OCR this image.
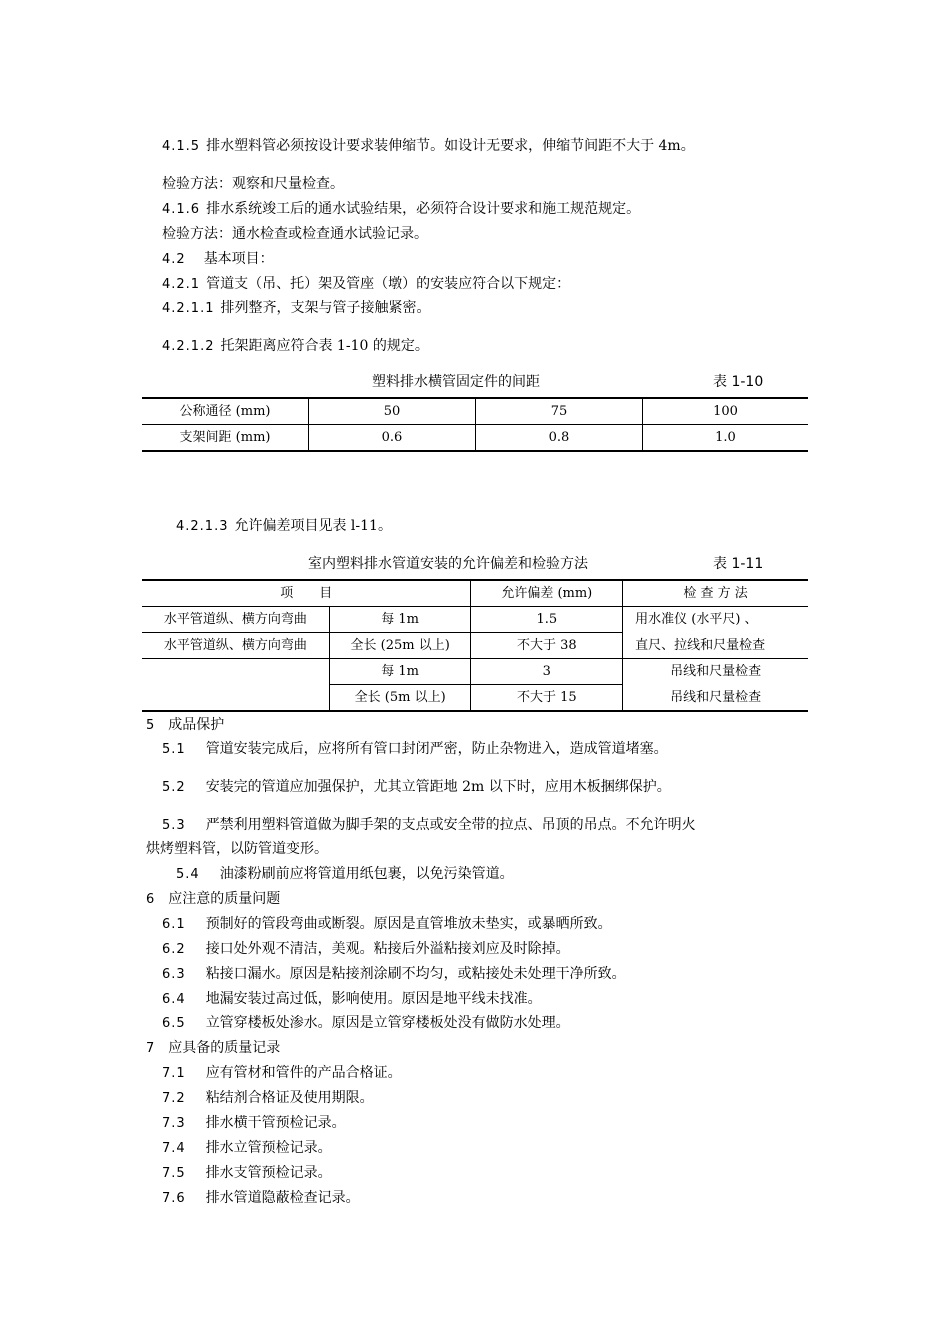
4.1.5 排水塑料管必须按设计要求装伸缩节。如设计无要求，伸缩节间距不大于 4m。
检验方法：观察和尺量检查。
4.1.6 排水系统竣工后的通水试验结果，必须符合设计要求和施工规范规定。
检验方法：通水检查或检查通水试验记录。
4.2 基本项目：
4.2.1 管道支（吊、托）架及管座（墩）的安装应符合以下规定：
4.2.1.1 排列整齐，支架与管子接触紧密。
4.2.1.2 托架距离应符合表 1-10 的规定。
塑料排水横管固定件的间距	表 1-10
公称通径 (mm)	50	75	100
支架间距 (mm)	0.6	0.8	1.0
4.2.1.3 允许偏差项目见表 l-11。
室内塑料排水管道安装的允许偏差和检验方法	表 1-11
项　　目		允许偏差 (mm)	检 查 方 法
水平管道纵、横方向弯曲	每 1m	1.5	用水准仪 (水平尺) 、
水平管道纵、横方向弯曲	全长 (25m 以上)	不大于 38	直尺、拉线和尺量检查
	每 1m	3	吊线和尺量检查
	全长 (5m 以上)	不大于 15	吊线和尺量检查
5 成品保护
5.1 管道安装完成后，应将所有管口封闭严密，防止杂物进入，造成管道堵塞。
5.2 安装完的管道应加强保护，尤其立管距地 2m 以下时，应用木板捆绑保护。
5.3 严禁利用塑料管道做为脚手架的支点或安全带的拉点、吊顶的吊点。不允许明火
烘烤塑料管，以防管道变形。
5.4 油漆粉刷前应将管道用纸包裹，以免污染管道。
6 应注意的质量问题
6.1 预制好的管段弯曲或断裂。原因是直管堆放未垫实，或暴晒所致。
6.2 接口处外观不清洁，美观。粘接后外溢粘接刘应及时除掉。
6.3 粘接口漏水。原因是粘接剂涂刷不均匀，或粘接处未处理干净所致。
6.4 地漏安装过高过低，影响使用。原因是地平线未找准。
6.5 立管穿楼板处渗水。原因是立管穿楼板处没有做防水处理。
7 应具备的质量记录
7.1 应有管材和管件的产品合格证。
7.2 粘结剂合格证及使用期限。
7.3 排水横干管预检记录。
7.4 排水立管预检记录。
7.5 排水支管预检记录。
7.6 排水管道隐蔽检查记录。
